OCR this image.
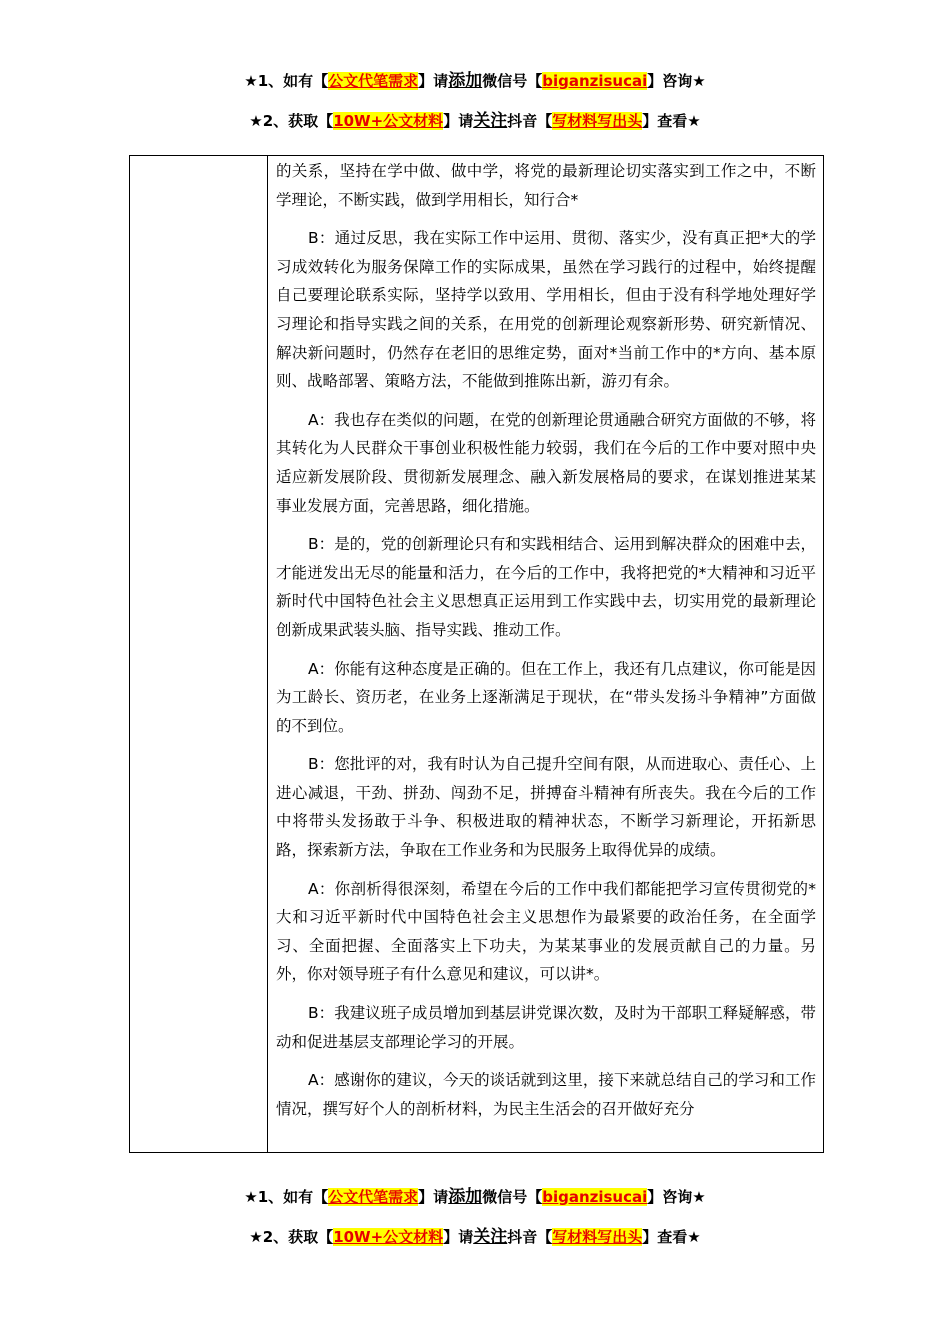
★1、如有【公文代笔需求】请添加微信号【biganzisucai】咨询★
★2、获取【10W+公文材料】请关注抖音【写材料写出头】查看★

的关系，坚持在学中做、做中学，将党的最新理论切实落实到工作之中，不断学理论，不断实践，做到学用相长，知行合*

B：通过反思，我在实际工作中运用、贯彻、落实少，没有真正把*大的学习成效转化为服务保障工作的实际成果，虽然在学习践行的过程中，始终提醒自己要理论联系实际，坚持学以致用、学用相长，但由于没有科学地处理好学习理论和指导实践之间的关系，在用党的创新理论观察新形势、研究新情况、解决新问题时，仍然存在老旧的思维定势，面对*当前工作中的*方向、基本原则、战略部署、策略方法，不能做到推陈出新，游刃有余。

A：我也存在类似的问题，在党的创新理论贯通融合研究方面做的不够，将其转化为人民群众干事创业积极性能力较弱，我们在今后的工作中要对照中央适应新发展阶段、贯彻新发展理念、融入新发展格局的要求，在谋划推进某某事业发展方面，完善思路，细化措施。

B：是的，党的创新理论只有和实践相结合、运用到解决群众的困难中去，才能迸发出无尽的能量和活力，在今后的工作中，我将把党的*大精神和习近平新时代中国特色社会主义思想真正运用到工作实践中去，切实用党的最新理论创新成果武装头脑、指导实践、推动工作。

A：你能有这种态度是正确的。但在工作上，我还有几点建议，你可能是因为工龄长、资历老，在业务上逐渐满足于现状，在“带头发扬斗争精神”方面做的不到位。

B：您批评的对，我有时认为自己提升空间有限，从而进取心、责任心、上进心减退，干劲、拼劲、闯劲不足，拼搏奋斗精神有所丧失。我在今后的工作中将带头发扬敢于斗争、积极进取的精神状态，不断学习新理论，开拓新思路，探索新方法，争取在工作业务和为民服务上取得优异的成绩。

A：你剖析得很深刻，希望在今后的工作中我们都能把学习宣传贯彻党的*大和习近平新时代中国特色社会主义思想作为最紧要的政治任务，在全面学习、全面把握、全面落实上下功夫，为某某事业的发展贡献自己的力量。另外，你对领导班子有什么意见和建议，可以讲*。

B：我建议班子成员增加到基层讲党课次数，及时为干部职工释疑解惑，带动和促进基层支部理论学习的开展。

A：感谢你的建议，今天的谈话就到这里，接下来就总结自己的学习和工作情况，撰写好个人的剖析材料，为民主生活会的召开做好充分

★1、如有【公文代笔需求】请添加微信号【biganzisucai】咨询★
★2、获取【10W+公文材料】请关注抖音【写材料写出头】查看★
